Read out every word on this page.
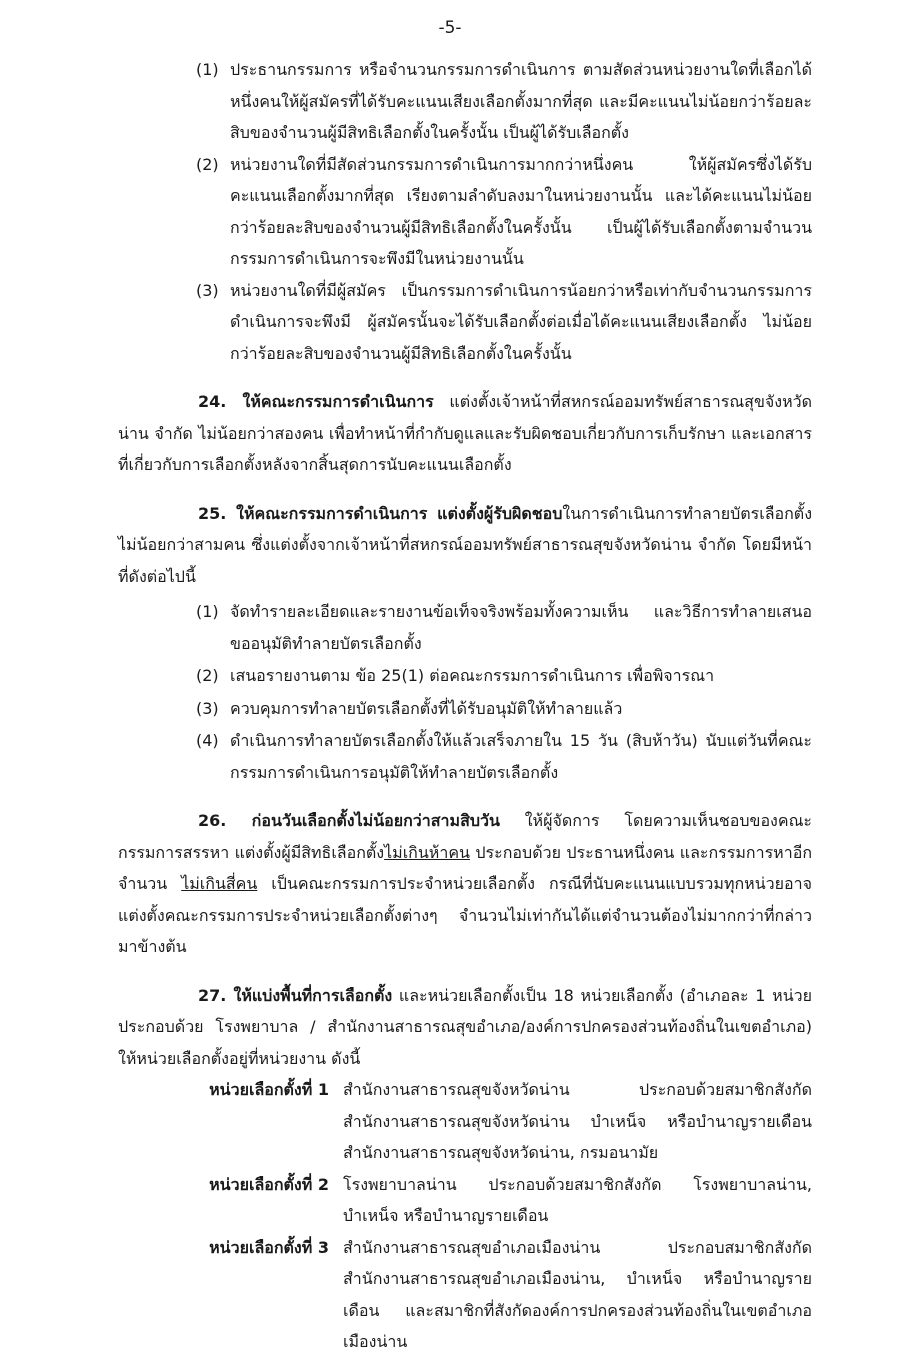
-5-
(1) ประธานกรรมการ หรือจำนวนกรรมการดำเนินการ ตามสัดส่วนหน่วยงานใดที่เลือกได้หนึ่งคนให้ผู้สมัครที่ได้รับคะแนนเสียงเลือกตั้งมากที่สุด และมีคะแนนไม่น้อยกว่าร้อยละสิบของจำนวนผู้มีสิทธิเลือกตั้งในครั้งนั้น เป็นผู้ได้รับเลือกตั้ง
(2) หน่วยงานใดที่มีสัดส่วนกรรมการดำเนินการมากกว่าหนึ่งคน ให้ผู้สมัครซึ่งได้รับคะแนนเลือกตั้งมากที่สุด เรียงตามลำดับลงมาในหน่วยงานนั้น และได้คะแนนไม่น้อยกว่าร้อยละสิบของจำนวนผู้มีสิทธิเลือกตั้งในครั้งนั้น เป็นผู้ได้รับเลือกตั้งตามจำนวนกรรมการดำเนินการจะพึงมีในหน่วยงานนั้น
(3) หน่วยงานใดที่มีผู้สมัคร เป็นกรรมการดำเนินการน้อยกว่าหรือเท่ากับจำนวนกรรมการดำเนินการจะพึงมี ผู้สมัครนั้นจะได้รับเลือกตั้งต่อเมื่อได้คะแนนเสียงเลือกตั้ง ไม่น้อยกว่าร้อยละสิบของจำนวนผู้มีสิทธิเลือกตั้งในครั้งนั้น

24. ให้คณะกรรมการดำเนินการ แต่งตั้งเจ้าหน้าที่สหกรณ์ออมทรัพย์สาธารณสุขจังหวัดน่าน จำกัด ไม่น้อยกว่าสองคน เพื่อทำหน้าที่กำกับดูแลและรับผิดชอบเกี่ยวกับการเก็บรักษา และเอกสารที่เกี่ยวกับการเลือกตั้งหลังจากสิ้นสุดการนับคะแนนเลือกตั้ง

25. ให้คณะกรรมการดำเนินการ แต่งตั้งผู้รับผิดชอบในการดำเนินการทำลายบัตรเลือกตั้งไม่น้อยกว่าสามคน ซึ่งแต่งตั้งจากเจ้าหน้าที่สหกรณ์ออมทรัพย์สาธารณสุขจังหวัดน่าน จำกัด โดยมีหน้าที่ดังต่อไปนี้

(1) จัดทำรายละเอียดและรายงานข้อเท็จจริงพร้อมทั้งความเห็น และวิธีการทำลายเสนอขออนุมัติทำลายบัตรเลือกตั้ง
(2) เสนอรายงานตาม ข้อ 25(1) ต่อคณะกรรมการดำเนินการ เพื่อพิจารณา
(3) ควบคุมการทำลายบัตรเลือกตั้งที่ได้รับอนุมัติให้ทำลายแล้ว
(4) ดำเนินการทำลายบัตรเลือกตั้งให้แล้วเสร็จภายใน 15 วัน (สิบห้าวัน) นับแต่วันที่คณะกรรมการดำเนินการอนุมัติให้ทำลายบัตรเลือกตั้ง

26. ก่อนวันเลือกตั้งไม่น้อยกว่าสามสิบวัน ให้ผู้จัดการ โดยความเห็นชอบของคณะกรรมการสรรหา แต่งตั้งผู้มีสิทธิเลือกตั้งไม่เกินห้าคน ประกอบด้วย ประธานหนึ่งคน และกรรมการหาอีกจำนวน ไม่เกินสี่คน เป็นคณะกรรมการประจำหน่วยเลือกตั้ง กรณีที่นับคะแนนแบบรวมทุกหน่วยอาจแต่งตั้งคณะกรรมการประจำหน่วยเลือกตั้งต่างๆ จำนวนไม่เท่ากันได้แต่จำนวนต้องไม่มากกว่าที่กล่าวมาข้างต้น

27. ให้แบ่งพื้นที่การเลือกตั้ง และหน่วยเลือกตั้งเป็น 18 หน่วยเลือกตั้ง (อำเภอละ 1 หน่วย ประกอบด้วย โรงพยาบาล / สำนักงานสาธารณสุขอำเภอ/องค์การปกครองส่วนท้องถิ่นในเขตอำเภอ) ให้หน่วยเลือกตั้งอยู่ที่หน่วยงาน ดังนี้

หน่วยเลือกตั้งที่ 1 สำนักงานสาธารณสุขจังหวัดน่าน ประกอบด้วยสมาชิกสังกัดสำนักงานสาธารณสุขจังหวัดน่าน บำเหน็จ หรือบำนาญรายเดือน สำนักงานสาธารณสุขจังหวัดน่าน, กรมอนามัย
หน่วยเลือกตั้งที่ 2 โรงพยาบาลน่าน ประกอบด้วยสมาชิกสังกัด โรงพยาบาลน่าน, บำเหน็จ หรือบำนาญรายเดือน
หน่วยเลือกตั้งที่ 3 สำนักงานสาธารณสุขอำเภอเมืองน่าน ประกอบสมาชิกสังกัดสำนักงานสาธารณสุขอำเภอเมืองน่าน, บำเหน็จ หรือบำนาญรายเดือน และสมาชิกที่สังกัดองค์การปกครองส่วนท้องถิ่นในเขตอำเภอเมืองน่าน
